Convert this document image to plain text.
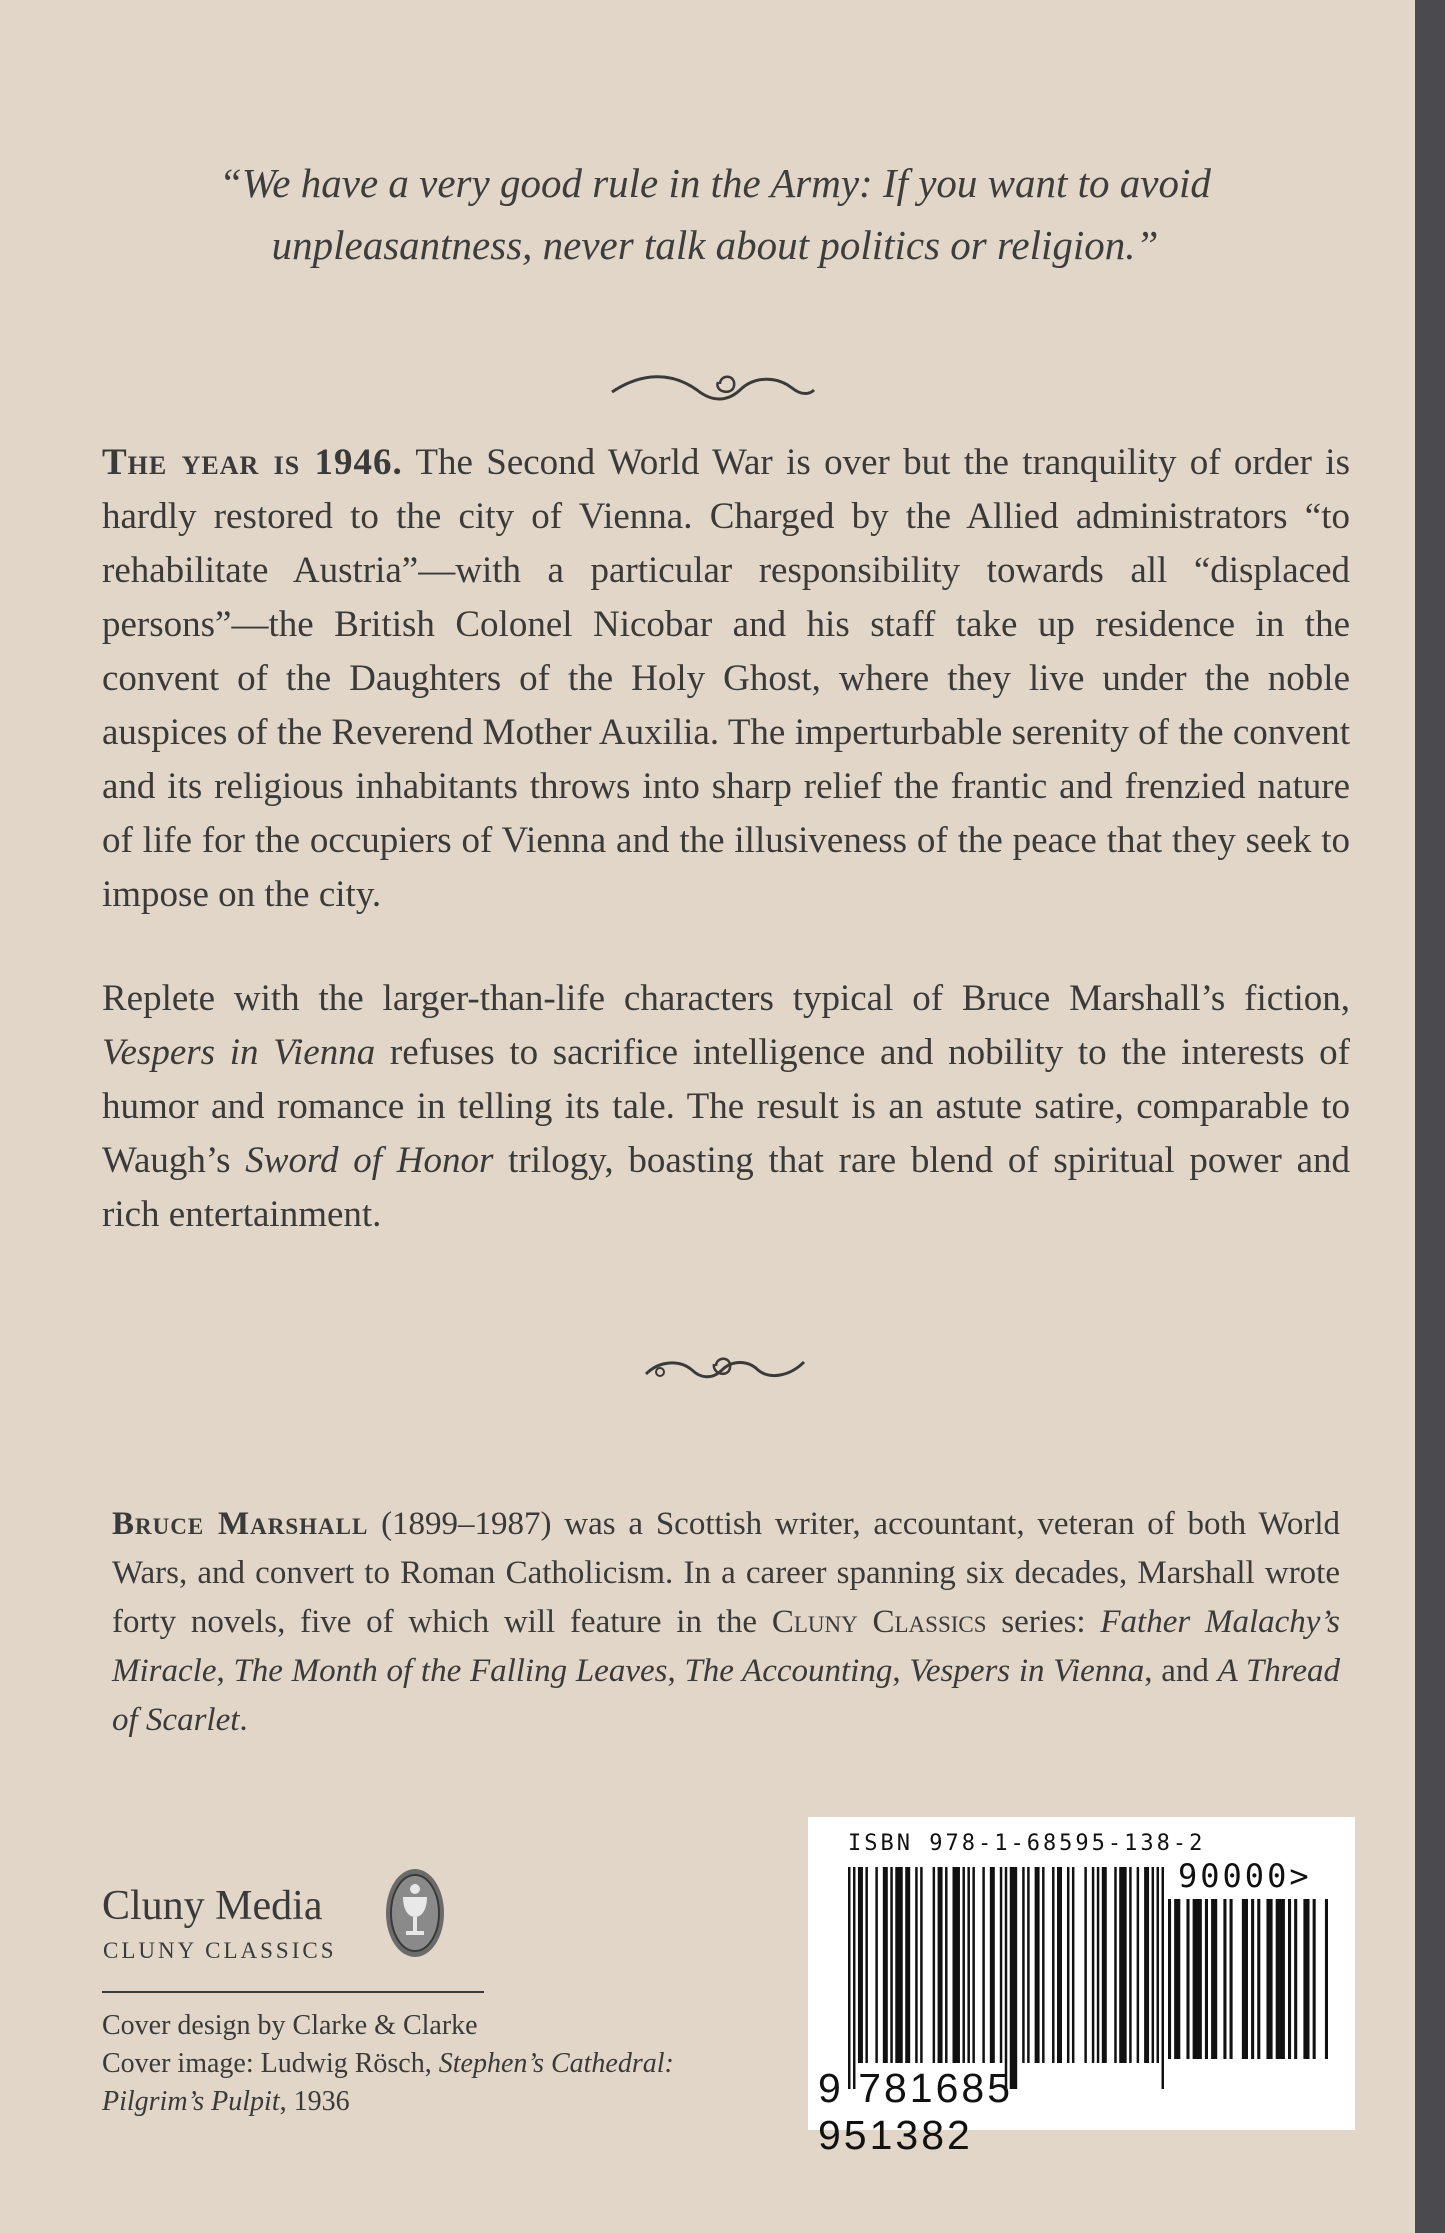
“We have a very good rule in the Army: If you want to avoid unpleasantness, never talk about politics or religion.”

The year is 1946. The Second World War is over but the tranquility of order is hardly restored to the city of Vienna. Charged by the Allied administrators “to rehabilitate Austria”—with a particular responsibility towards all “displaced persons”—the British Colonel Nicobar and his staff take up residence in the convent of the Daughters of the Holy Ghost, where they live under the noble auspices of the Reverend Mother Auxilia. The imperturbable serenity of the convent and its religious inhabitants throws into sharp relief the frantic and frenzied nature of life for the occupiers of Vienna and the illusiveness of the peace that they seek to impose on the city.

Replete with the larger-than-life characters typical of Bruce Marshall’s fiction, Vespers in Vienna refuses to sacrifice intelligence and nobility to the interests of humor and romance in telling its tale. The result is an astute satire, comparable to Waugh’s Sword of Honor trilogy, boasting that rare blend of spiritual power and rich entertainment.

Bruce Marshall (1899–1987) was a Scottish writer, accountant, veteran of both World Wars, and convert to Roman Catholicism. In a career spanning six decades, Marshall wrote forty novels, five of which will feature in the Cluny Classics series: Father Malachy’s Miracle, The Month of the Falling Leaves, The Accounting, Vespers in Vienna, and A Thread of Scarlet.

Cluny Media
CLUNY CLASSICS
Cover design by Clarke & Clarke
Cover image: Ludwig Rösch, Stephen’s Cathedral:
Pilgrim’s Pulpit, 1936
ISBN 978-1-68595-138-2
90000>
9 781685 951382
